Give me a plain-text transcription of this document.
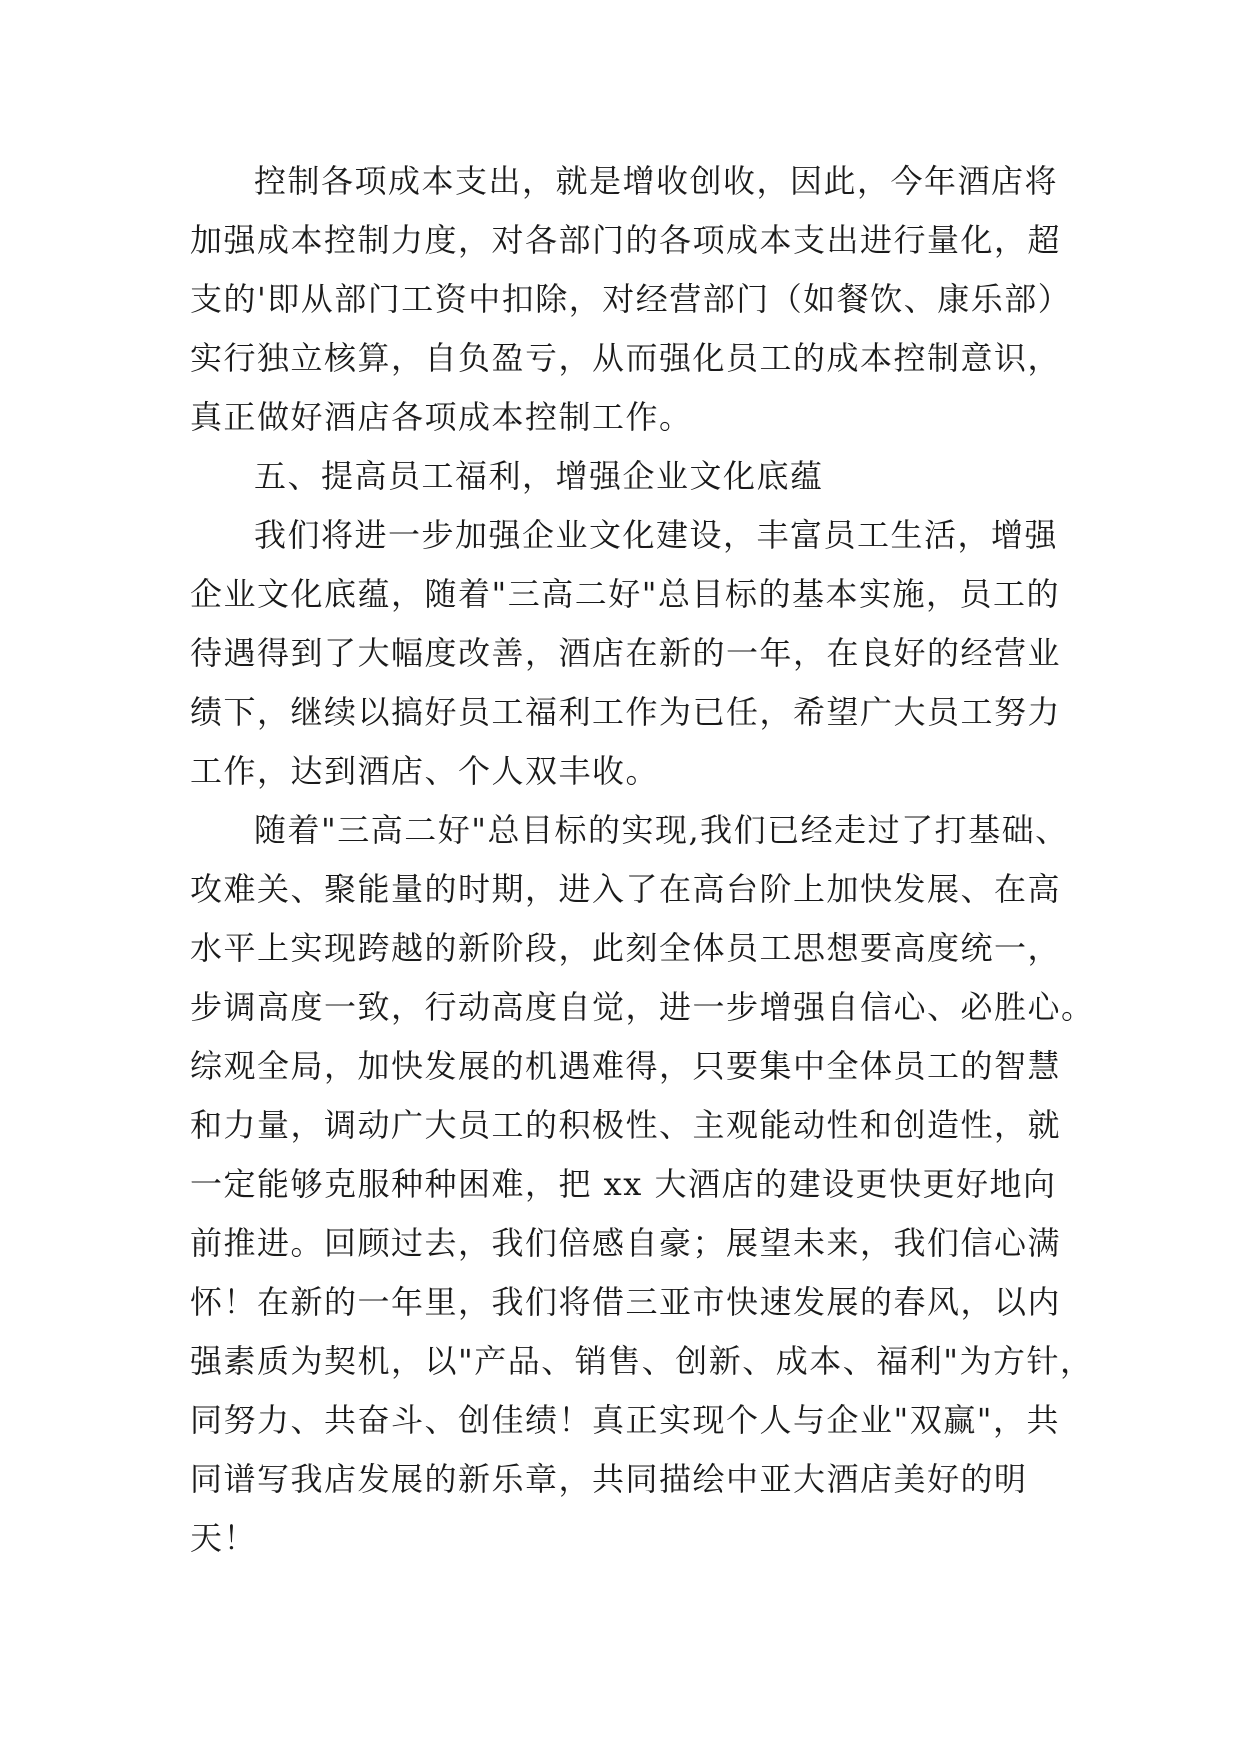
控制各项成本支出，就是增收创收，因此，今年酒店将
加强成本控制力度，对各部门的各项成本支出进行量化，超
支的'即从部门工资中扣除，对经营部门（如餐饮、康乐部）
实行独立核算，自负盈亏，从而强化员工的成本控制意识，
真正做好酒店各项成本控制工作。
五、提高员工福利，增强企业文化底蕴
我们将进一步加强企业文化建设，丰富员工生活，增强
企业文化底蕴，随着"三高二好"总目标的基本实施，员工的
待遇得到了大幅度改善，酒店在新的一年，在良好的经营业
绩下，继续以搞好员工福利工作为已任，希望广大员工努力
工作，达到酒店、个人双丰收。
随着"三高二好"总目标的实现,我们已经走过了打基础、
攻难关、聚能量的时期，进入了在高台阶上加快发展、在高
水平上实现跨越的新阶段，此刻全体员工思想要高度统一，
步调高度一致，行动高度自觉，进一步增强自信心、必胜心。
综观全局，加快发展的机遇难得，只要集中全体员工的智慧
和力量，调动广大员工的积极性、主观能动性和创造性，就
一定能够克服种种困难，把 xx 大酒店的建设更快更好地向
前推进。回顾过去，我们倍感自豪；展望未来，我们信心满
怀！在新的一年里，我们将借三亚市快速发展的春风，以内
强素质为契机，以"产品、销售、创新、成本、福利"为方针，
同努力、共奋斗、创佳绩！真正实现个人与企业"双赢"，共
同谱写我店发展的新乐章，共同描绘中亚大酒店美好的明
天！
